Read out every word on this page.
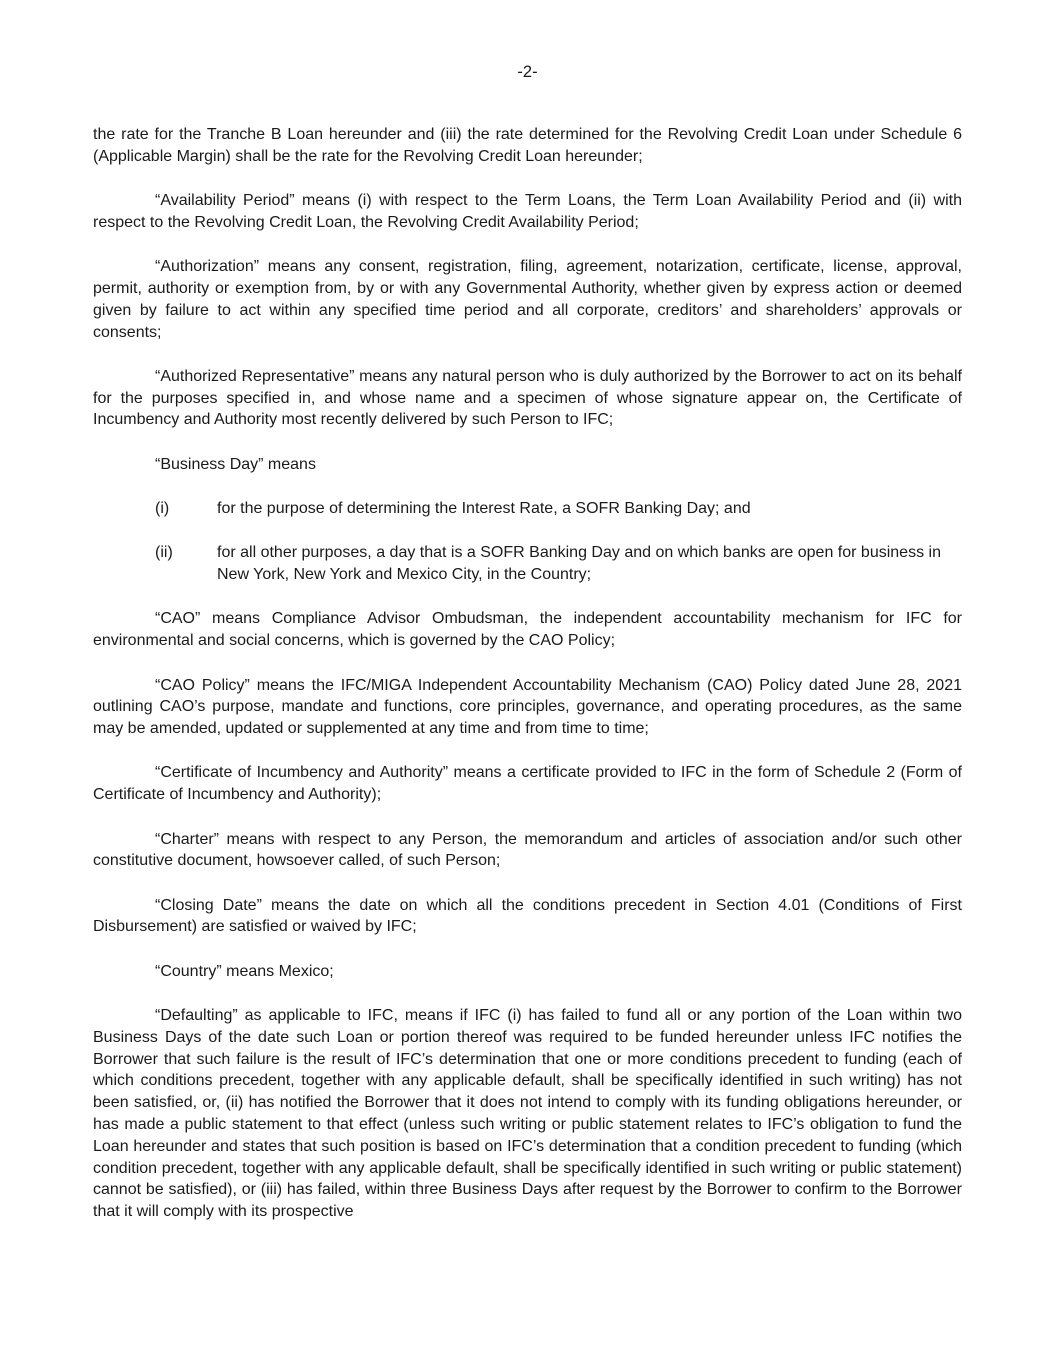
-2-

the rate for the Tranche B Loan hereunder and (iii) the rate determined for the Revolving Credit Loan under Schedule 6 (Applicable Margin) shall be the rate for the Revolving Credit Loan hereunder;

“Availability Period” means (i) with respect to the Term Loans, the Term Loan Availability Period and (ii) with respect to the Revolving Credit Loan, the Revolving Credit Availability Period;

“Authorization” means any consent, registration, filing, agreement, notarization, certificate, license, approval, permit, authority or exemption from, by or with any Governmental Authority, whether given by express action or deemed given by failure to act within any specified time period and all corporate, creditors’ and shareholders’ approvals or consents;

“Authorized Representative” means any natural person who is duly authorized by the Borrower to act on its behalf for the purposes specified in, and whose name and a specimen of whose signature appear on, the Certificate of Incumbency and Authority most recently delivered by such Person to IFC;

“Business Day” means

(i)	for the purpose of determining the Interest Rate, a SOFR Banking Day; and
(ii)	for all other purposes, a day that is a SOFR Banking Day and on which banks are open for business in New York, New York and Mexico City, in the Country;

“CAO” means Compliance Advisor Ombudsman, the independent accountability mechanism for IFC for environmental and social concerns, which is governed by the CAO Policy;

“CAO Policy” means the IFC/MIGA Independent Accountability Mechanism (CAO) Policy dated June 28, 2021 outlining CAO’s purpose, mandate and functions, core principles, governance, and operating procedures, as the same may be amended, updated or supplemented at any time and from time to time;

“Certificate of Incumbency and Authority” means a certificate provided to IFC in the form of Schedule 2 (Form of Certificate of Incumbency and Authority);

“Charter” means with respect to any Person, the memorandum and articles of association and/or such other constitutive document, howsoever called, of such Person;

“Closing Date” means the date on which all the conditions precedent in Section 4.01 (Conditions of First Disbursement) are satisfied or waived by IFC;

“Country” means Mexico;

“Defaulting” as applicable to IFC, means if IFC (i) has failed to fund all or any portion of the Loan within two Business Days of the date such Loan or portion thereof was required to be funded hereunder unless IFC notifies the Borrower that such failure is the result of IFC’s determination that one or more conditions precedent to funding (each of which conditions precedent, together with any applicable default, shall be specifically identified in such writing) has not been satisfied, or, (ii) has notified the Borrower that it does not intend to comply with its funding obligations hereunder, or has made a public statement to that effect (unless such writing or public statement relates to IFC’s obligation to fund the Loan hereunder and states that such position is based on IFC’s determination that a condition precedent to funding (which condition precedent, together with any applicable default, shall be specifically identified in such writing or public statement) cannot be satisfied), or (iii) has failed, within three Business Days after request by the Borrower to confirm to the Borrower that it will comply with its prospective
